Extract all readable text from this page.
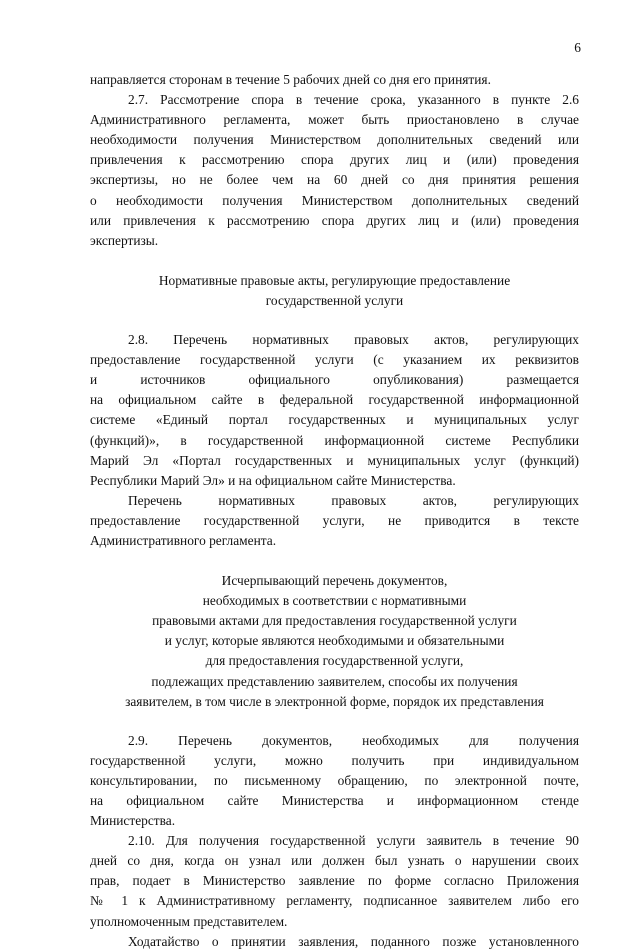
6

направляется сторонам в течение 5 рабочих дней со дня его принятия.

2.7. Рассмотрение спора в течение срока, указанного в пункте 2.6

Административного регламента, может быть приостановлено в случае

необходимости получения Министерством дополнительных сведений или

привлечения к рассмотрению спора других лиц и (или) проведения

экспертизы, но не более чем на 60 дней со дня принятия решения

о необходимости получения Министерством дополнительных сведений

или привлечения к рассмотрению спора других лиц и (или) проведения

экспертизы.

Нормативные правовые акты, регулирующие предоставление

государственной услуги

2.8. Перечень нормативных правовых актов, регулирующих

предоставление государственной услуги (с указанием их реквизитов

и источников официального опубликования) размещается

на официальном сайте в федеральной государственной информационной

системе «Единый портал государственных и муниципальных услуг

(функций)», в государственной информационной системе Республики

Марий Эл «Портал государственных и муниципальных услуг (функций)

Республики Марий Эл» и на официальном сайте Министерства.

Перечень нормативных правовых актов, регулирующих

предоставление государственной услуги, не приводится в тексте

Административного регламента.

Исчерпывающий перечень документов,

необходимых в соответствии с нормативными

правовыми актами для предоставления государственной услуги

и услуг, которые являются необходимыми и обязательными

для предоставления государственной услуги,

подлежащих представлению заявителем, способы их получения

заявителем, в том числе в электронной форме, порядок их представления

2.9. Перечень документов, необходимых для получения

государственной услуги, можно получить при индивидуальном

консультировании, по письменному обращению, по электронной почте,

на официальном сайте Министерства и информационном стенде

Министерства.

2.10. Для получения государственной услуги заявитель в течение 90

дней со дня, когда он узнал или должен был узнать о нарушении своих

прав, подает в Министерство заявление по форме согласно Приложения

№ 1 к Административному регламенту, подписанное заявителем либо его

уполномоченным представителем.

Ходатайство о принятии заявления, поданного позже установленного
